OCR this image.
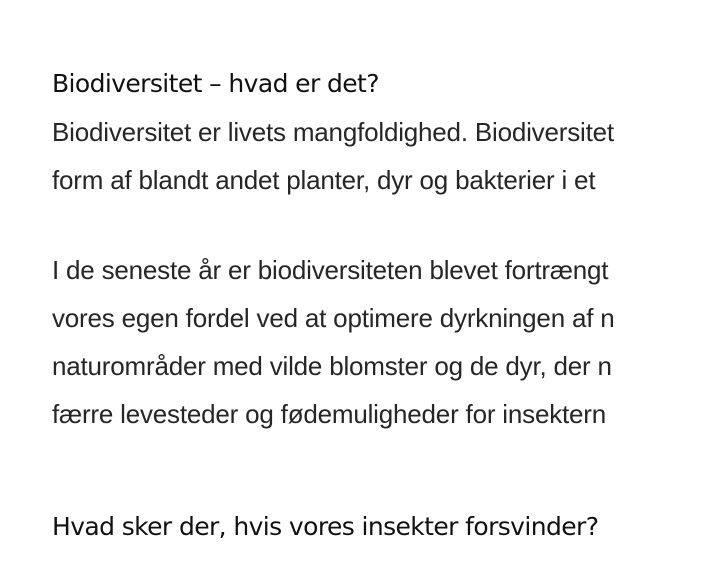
Biodiversitet – hvad er det?
Biodiversitet er livets mangfoldighed. Biodiversitet
form af blandt andet planter, dyr og bakterier i et
I de seneste år er biodiversiteten blevet fortrængt
vores egen fordel ved at optimere dyrkningen af n
naturområder med vilde blomster og de dyr, der n
færre levesteder og fødemuligheder for insektern
Hvad sker der, hvis vores insekter forsvinder?
